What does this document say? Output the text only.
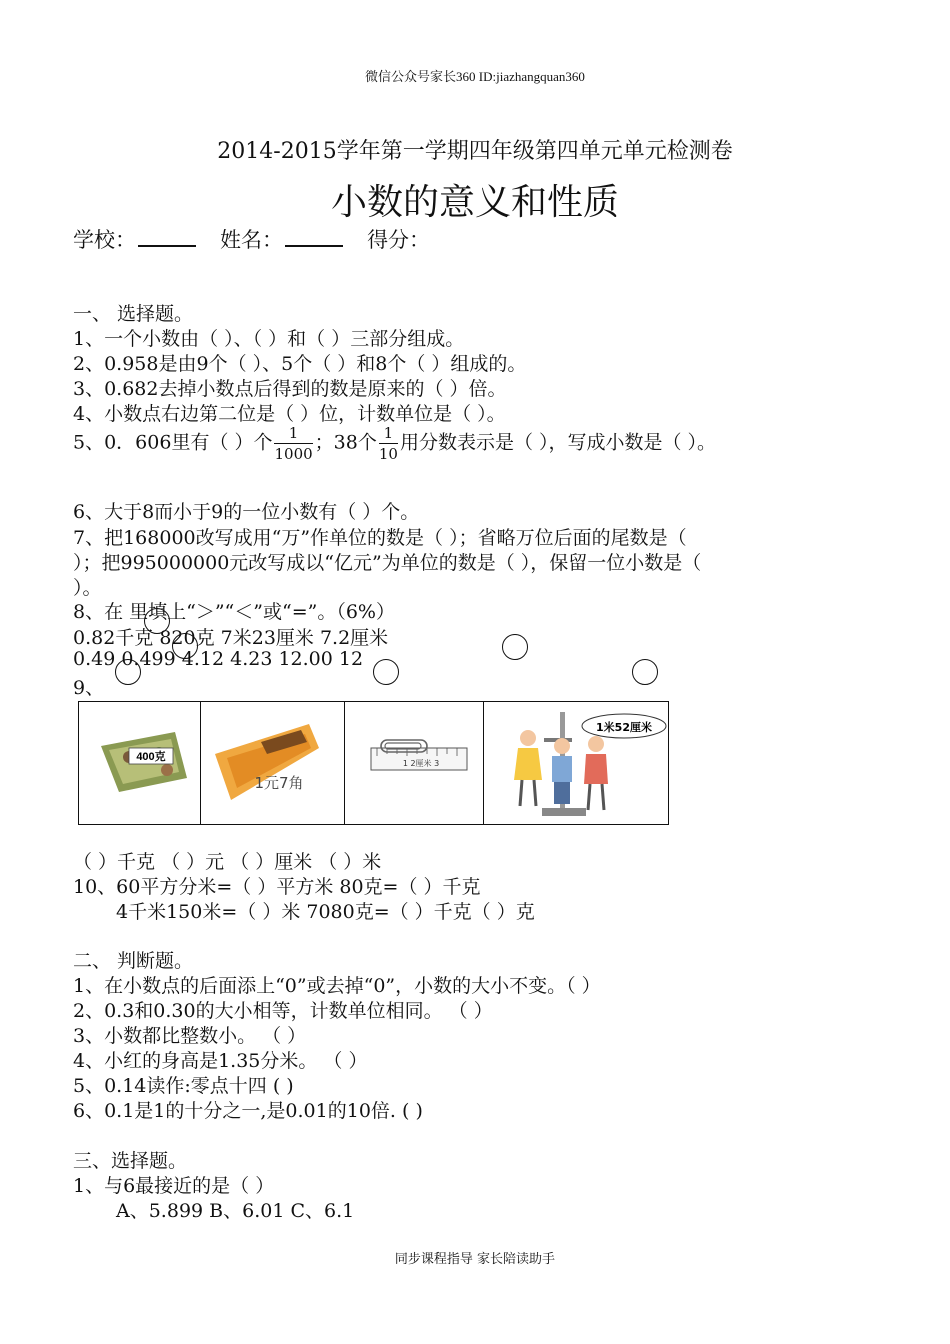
微信公众号家长360 ID:jiazhangquan360
2014-2015学年第一学期四年级第四单元单元检测卷
小数的意义和性质
学校：	姓名：	得分：
一、 选择题。
1、一个小数由（ ）、（ ）和（ ）三部分组成。
2、0.958是由9个（ ）、5个（ ）和8个（ ）组成的。
3、0.682去掉小数点后得到的数是原来的（ ）倍。
4、小数点右边第二位是（ ）位，计数单位是（ ）。
5、0．606里有（ ）个 $\frac{1}{1000}$ ；38个 $\frac{1}{10}$ 用分数表示是（ ），写成小数是（ ）。
6、大于8而小于9的一位小数有（ ）个。
7、把168000改写成用“万”作单位的数是（ ）；省略万位后面的尾数是（
）；把995000000元改写成以“亿元”为单位的数是（ ），保留一位小数是（
）。
8、在 里填上“＞”“＜”或“=”。（6%）
0.82千克 820克 7米23厘米 7.2厘米
0.49 0.499 4.12 4.23 12.00 12
9、
400克
1元7角
1 2厘米 3
1米52厘米
（ ）千克 （ ）元 （ ）厘米 （ ）米
10、60平方分米=（ ）平方米 80克=（ ）千克
4千米150米=（ ）米 7080克=（ ）千克（ ）克
二、 判断题。
1、在小数点的后面添上“0”或去掉“0”，小数的大小不变。（ ）
2、0.3和0.30的大小相等，计数单位相同。 （ ）
3、小数都比整数小。 （ ）
4、小红的身高是1.35分米。 （ ）
5、0.14读作:零点十四 ( )
6、0.1是1的十分之一,是0.01的10倍. ( )
三、选择题。
1、与6最接近的是（ ）
A、5.899 B、6.01 C、6.1
同步课程指导 家长陪读助手
